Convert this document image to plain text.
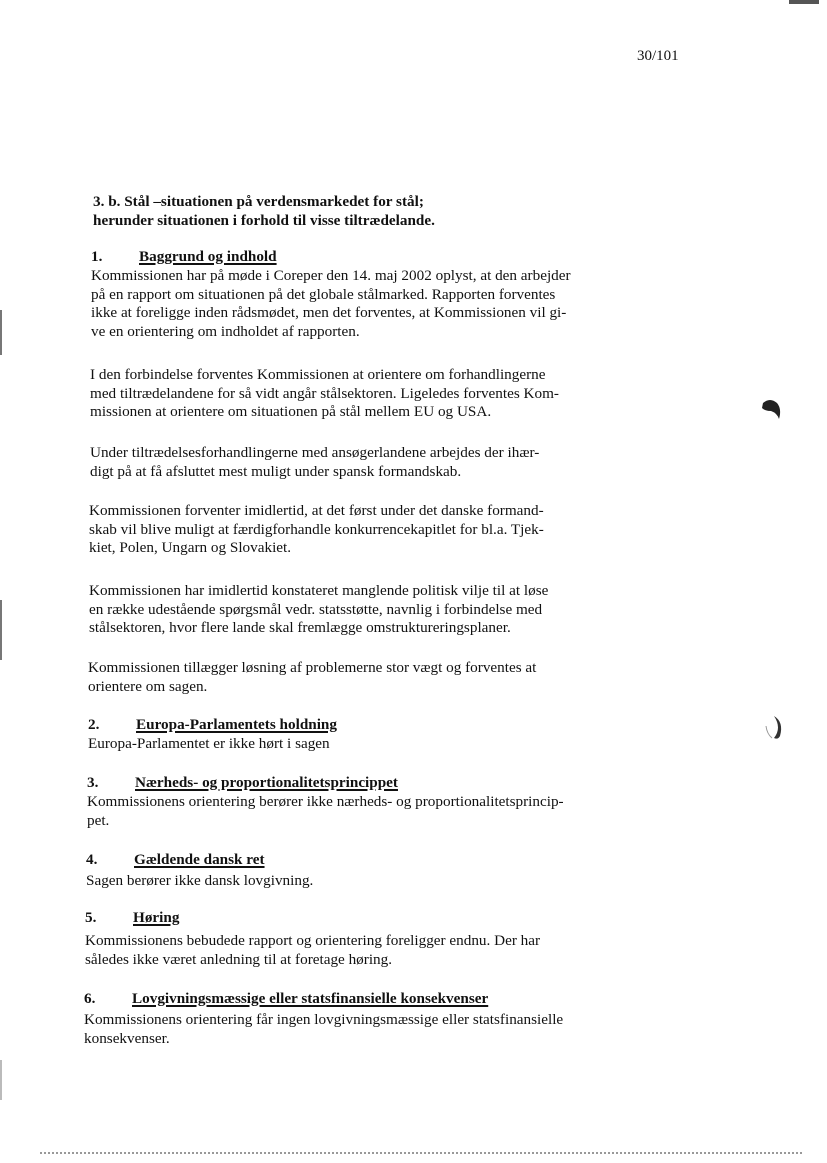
30/101
3. b. Stål –situationen på verdensmarkedet for stål;
herunder situationen i forhold til visse tiltrædelande.
1.	Baggrund og indhold
Kommissionen har på møde i Coreper den 14. maj 2002 oplyst, at den arbejder
på en rapport om situationen på det globale stålmarked. Rapporten forventes
ikke at foreligge inden rådsmødet, men det forventes, at Kommissionen vil gi-
ve en orientering om indholdet af rapporten.
I den forbindelse forventes Kommissionen at orientere om forhandlingerne
med tiltrædelandene for så vidt angår stålsektoren. Ligeledes forventes Kom-
missionen at orientere om situationen på stål mellem EU og USA.
Under tiltrædelsesforhandlingerne med ansøgerlandene arbejdes der ihær-
digt på at få afsluttet mest muligt under spansk formandskab.
Kommissionen forventer imidlertid, at det først under det danske formand-
skab vil blive muligt at færdigforhandle konkurrencekapitlet for bl.a. Tjek-
kiet, Polen, Ungarn og Slovakiet.
Kommissionen har imidlertid konstateret manglende politisk vilje til at løse
en række udestående spørgsmål vedr. statsstøtte, navnlig i forbindelse med
stålsektoren, hvor flere lande skal fremlægge omstruktureringsplaner.
Kommissionen tillægger løsning af problemerne stor vægt og forventes at
orientere om sagen.
2.	Europa-Parlamentets holdning
Europa-Parlamentet er ikke hørt i sagen
3.	Nærheds- og proportionalitetsprincippet
Kommissionens orientering berører ikke nærheds- og proportionalitetsprincip-
pet.
4.	Gældende dansk ret
Sagen berører ikke dansk lovgivning.
5.	Høring
Kommissionens bebudede rapport og orientering foreligger endnu. Der har
således ikke været anledning til at foretage høring.
6.	Lovgivningsmæssige eller statsfinansielle konsekvenser
Kommissionens orientering får ingen lovgivningsmæssige eller statsfinansielle
konsekvenser.
